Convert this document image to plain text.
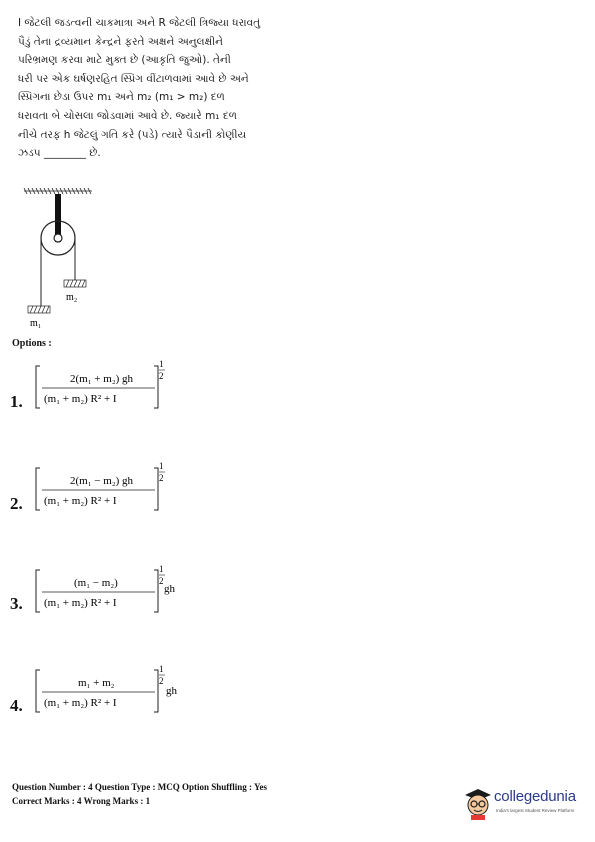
I જેટલી જડત્વની ચાકમાત્રા અને R જેટલી ત્રિજ્યા ધરાવતું

પૈડું તેના દ્રવ્યમાન કેન્દ્રને ફરતે અક્ષને અનુલક્ષીને

પરિભ્રમણ કરવા માટે મુક્ત છે (આકૃતિ જુઓ). તેની

ધરી પર એક ઘર્ષણરહિત સ્પ્રિંગ વીંટાળવામાં આવે છે અને

સ્પ્રિંગના છેડા ઉપર m₁ અને m₂ (m₁ > m₂) દળ

ધરાવતા બે ચોસલા જોડવામાં આવે છે. જ્યારે m₁ દળ

નીચે તરફ h જેટલું ગતિ કરે (પડે) ત્યારે પૈડાની કોણીય

ઝડપ ________ છે.

m₂
m₁
Options :
1.
2(m₁ + m₂) gh
(m₁ + m₂) R² + I
1
2
2.
2(m₁ − m₂) gh
(m₁ + m₂) R² + I
1
2
3.
(m₁ − m₂)
(m₁ + m₂) R² + I
1
2
gh
4.
m₁ + m₂
(m₁ + m₂) R² + I
1
2
gh
Question Number : 4 Question Type : MCQ Option Shuffling : Yes
Correct Marks : 4 Wrong Marks : 1	collegedunia
India's largest Student Review Platform
